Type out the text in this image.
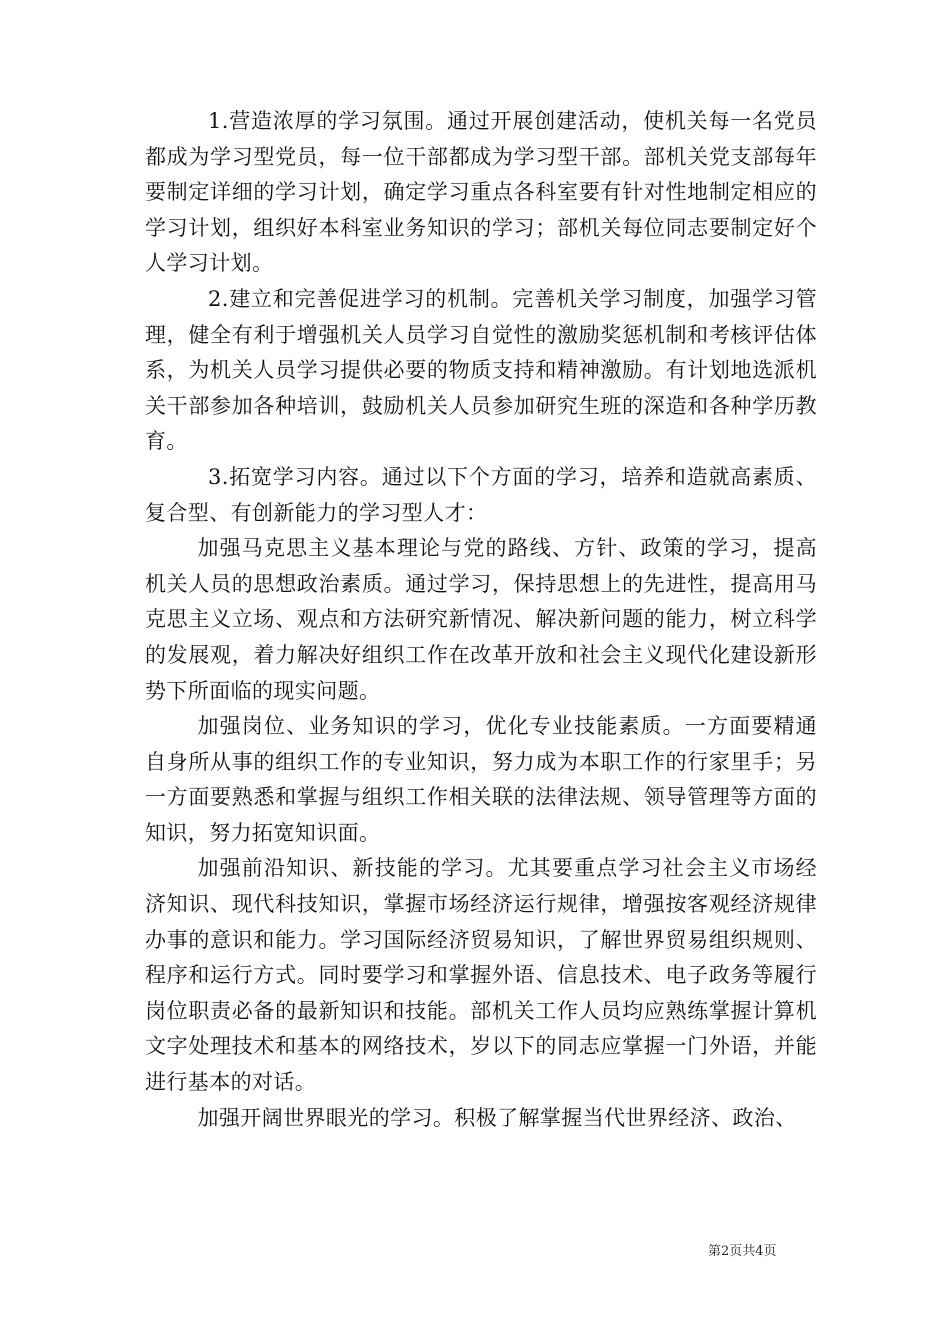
1.营造浓厚的学习氛围。通过开展创建活动，使机关每一名党员都成为学习型党员，每一位干部都成为学习型干部。部机关党支部每年要制定详细的学习计划，确定学习重点各科室要有针对性地制定相应的学习计划，组织好本科室业务知识的学习；部机关每位同志要制定好个人学习计划。

2.建立和完善促进学习的机制。完善机关学习制度，加强学习管理，健全有利于增强机关人员学习自觉性的激励奖惩机制和考核评估体系，为机关人员学习提供必要的物质支持和精神激励。有计划地选派机关干部参加各种培训，鼓励机关人员参加研究生班的深造和各种学历教育。

3.拓宽学习内容。通过以下个方面的学习，培养和造就高素质、复合型、有创新能力的学习型人才：

加强马克思主义基本理论与党的路线、方针、政策的学习，提高机关人员的思想政治素质。通过学习，保持思想上的先进性，提高用马克思主义立场、观点和方法研究新情况、解决新问题的能力，树立科学的发展观，着力解决好组织工作在改革开放和社会主义现代化建设新形势下所面临的现实问题。

加强岗位、业务知识的学习，优化专业技能素质。一方面要精通自身所从事的组织工作的专业知识，努力成为本职工作的行家里手；另一方面要熟悉和掌握与组织工作相关联的法律法规、领导管理等方面的知识，努力拓宽知识面。

加强前沿知识、新技能的学习。尤其要重点学习社会主义市场经济知识、现代科技知识，掌握市场经济运行规律，增强按客观经济规律办事的意识和能力。学习国际经济贸易知识，了解世界贸易组织规则、程序和运行方式。同时要学习和掌握外语、信息技术、电子政务等履行岗位职责必备的最新知识和技能。部机关工作人员均应熟练掌握计算机文字处理技术和基本的网络技术，岁以下的同志应掌握一门外语，并能进行基本的对话。

加强开阔世界眼光的学习。积极了解掌握当代世界经济、政治、

第2页共4页
